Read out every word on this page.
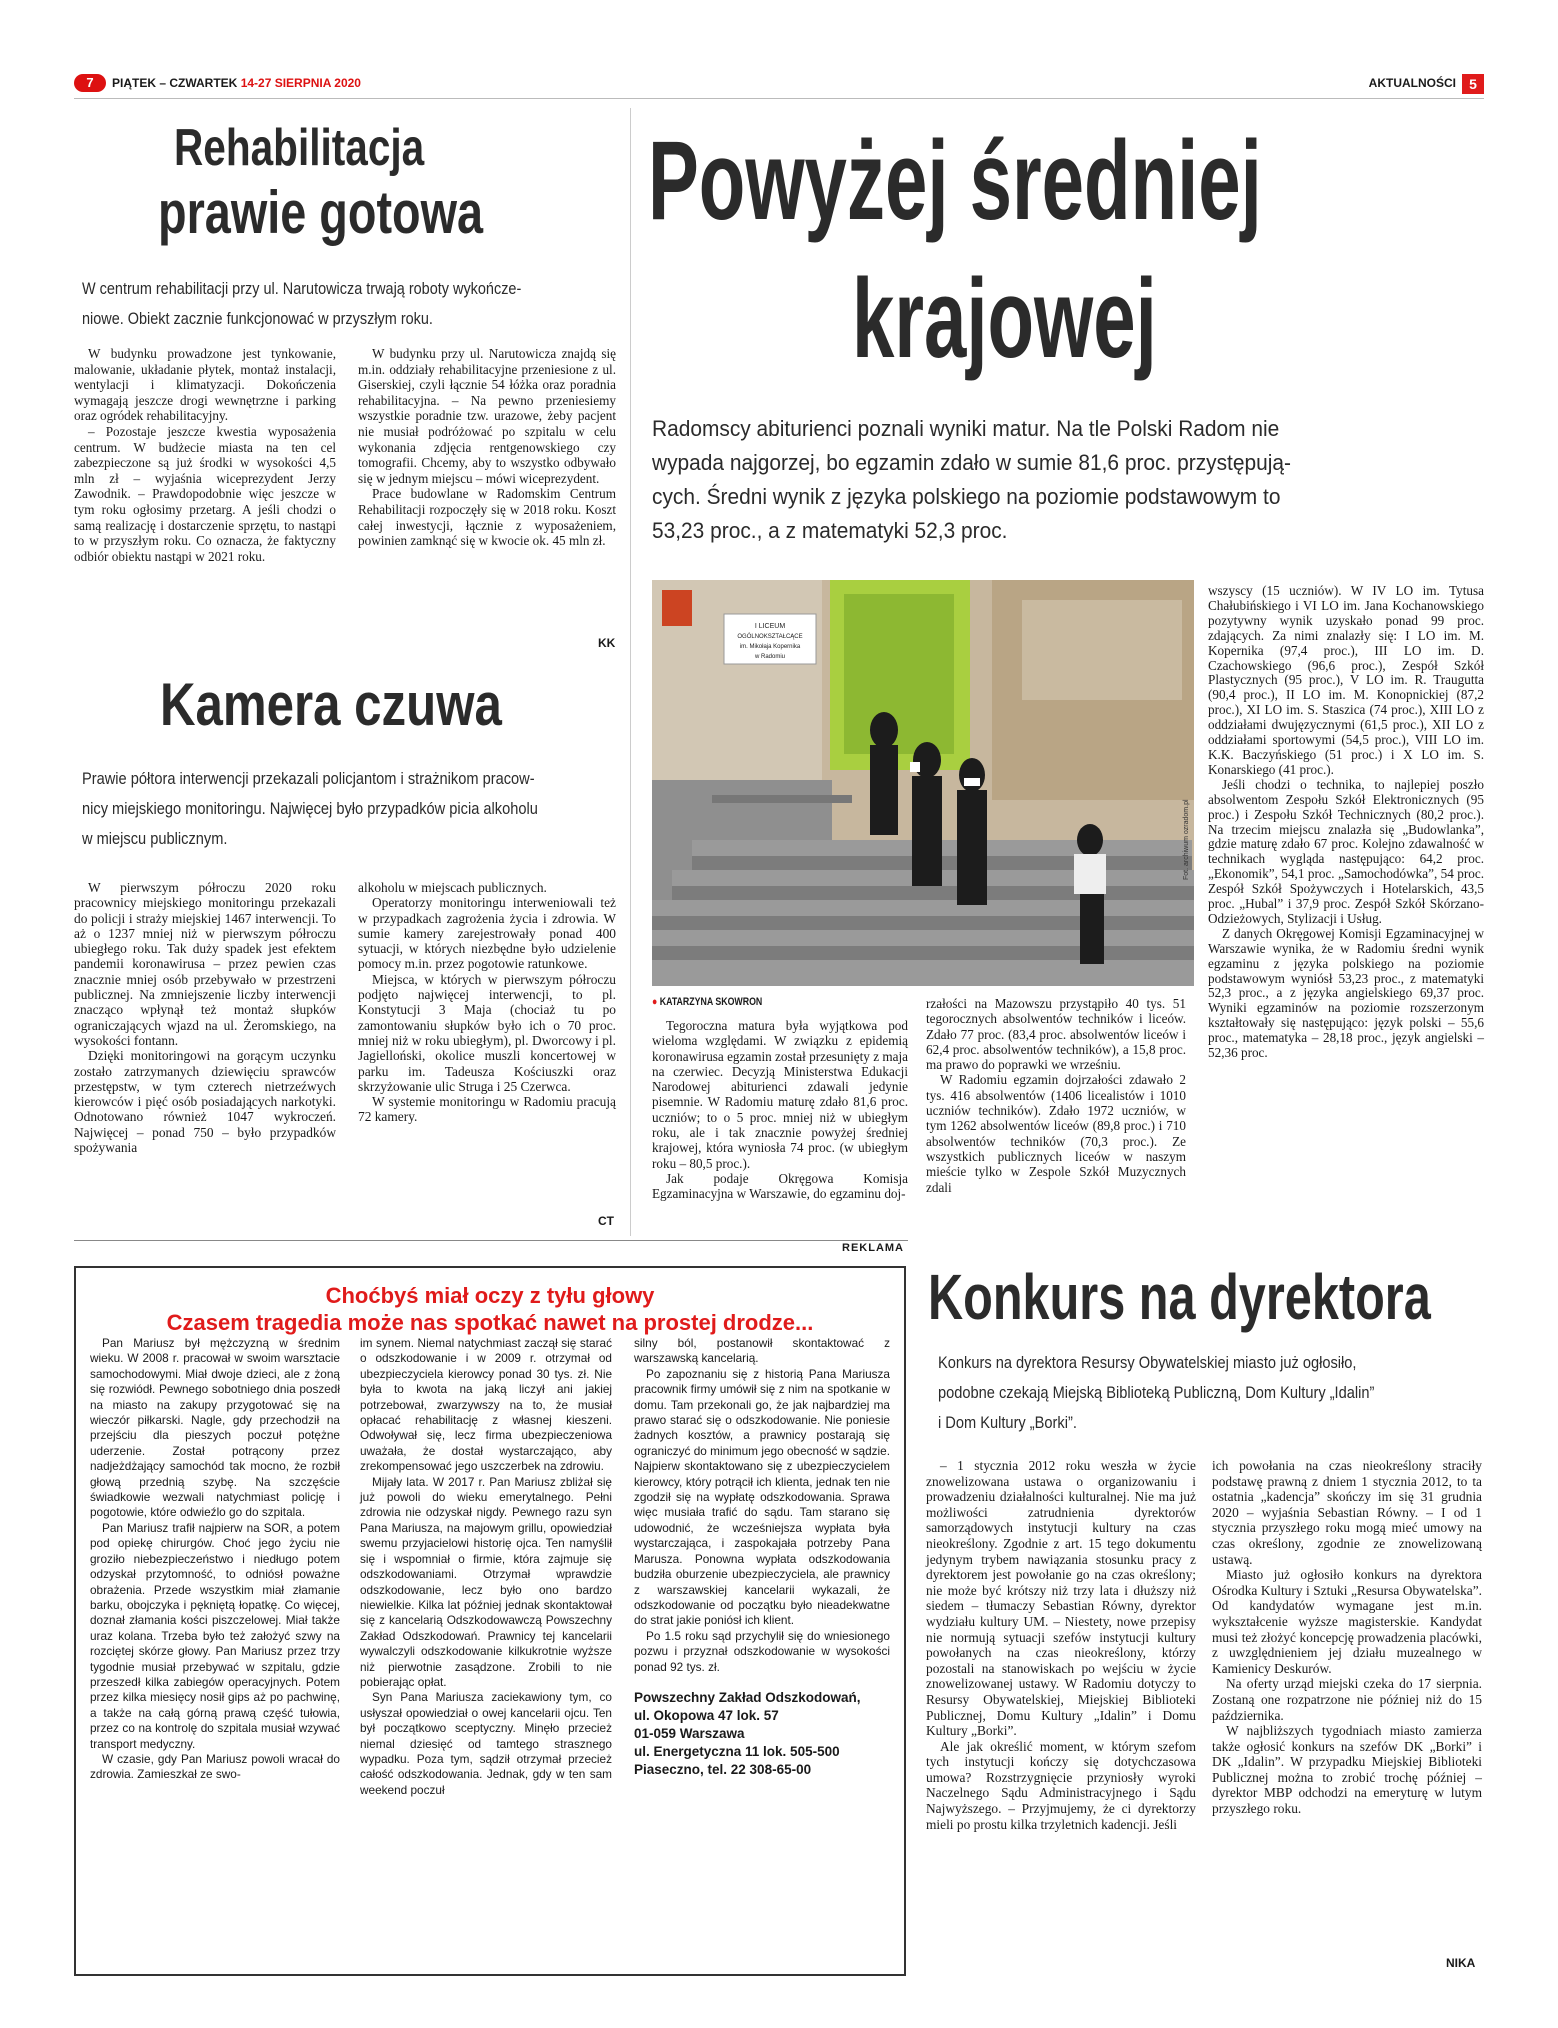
7	PIĄTEK – CZWARTEK 14-27 SIERPNIA 2020	AKTUALNOŚCI 5
Rehabilitacja
prawie gotowa
W centrum rehabilitacji przy ul. Narutowicza trwają roboty wykończe-
niowe. Obiekt zacznie funkcjonować w przyszłym roku.

W budynku prowadzone jest tynkowanie, malowanie, układanie płytek, montaż instalacji, wentylacji i klimatyzacji. Dokończenia wymagają jeszcze drogi wewnętrzne i parking oraz ogródek rehabilitacyjny.

– Pozostaje jeszcze kwestia wyposażenia centrum. W budżecie miasta na ten cel zabezpieczone są już środki w wysokości 4,5 mln zł – wyjaśnia wiceprezydent Jerzy Zawodnik. – Prawdopodobnie więc jeszcze w tym roku ogłosimy przetarg. A jeśli chodzi o samą realizację i dostarczenie sprzętu, to nastąpi to w przyszłym roku. Co oznacza, że faktyczny odbiór obiektu nastąpi w 2021 roku.

W budynku przy ul. Narutowicza znajdą się m.in. oddziały rehabilitacyjne przeniesione z ul. Giserskiej, czyli łącznie 54 łóżka oraz poradnia rehabilitacyjna. – Na pewno przeniesiemy wszystkie poradnie tzw. urazowe, żeby pacjent nie musiał podróżować po szpitalu w celu wykonania zdjęcia rentgenowskiego czy tomografii. Chcemy, aby to wszystko odbywało się w jednym miejscu – mówi wiceprezydent.

Prace budowlane w Radomskim Centrum Rehabilitacji rozpoczęły się w 2018 roku. Koszt całej inwestycji, łącznie z wyposażeniem, powinien zamknąć się w kwocie ok. 45 mln zł.

KK
Kamera czuwa
Prawie półtora interwencji przekazali policjantom i strażnikom pracow-
nicy miejskiego monitoringu. Najwięcej było przypadków picia alkoholu
w miejscu publicznym.

W pierwszym półroczu 2020 roku pracownicy miejskiego monitoringu przekazali do policji i straży miejskiej 1467 interwencji. To aż o 1237 mniej niż w pierwszym półroczu ubiegłego roku. Tak duży spadek jest efektem pandemii koronawirusa – przez pewien czas znacznie mniej osób przebywało w przestrzeni publicznej. Na zmniejszenie liczby interwencji znacząco wpłynął też montaż słupków ograniczających wjazd na ul. Żeromskiego, na wysokości fontann.

Dzięki monitoringowi na gorącym uczynku zostało zatrzymanych dziewięciu sprawców przestępstw, w tym czterech nietrzeźwych kierowców i pięć osób posiadających narkotyki. Odnotowano również 1047 wykroczeń. Najwięcej – ponad 750 – było przypadków spożywania

alkoholu w miejscach publicznych.

Operatorzy monitoringu interweniowali też w przypadkach zagrożenia życia i zdrowia. W sumie kamery zarejestrowały ponad 400 sytuacji, w których niezbędne było udzielenie pomocy m.in. przez pogotowie ratunkowe.

Miejsca, w których w pierwszym półroczu podjęto najwięcej interwencji, to pl. Konstytucji 3 Maja (chociaż tu po zamontowaniu słupków było ich o 70 proc. mniej niż w roku ubiegłym), pl. Dworcowy i pl. Jagielloński, okolice muszli koncertowej w parku im. Tadeusza Kościuszki oraz skrzyżowanie ulic Struga i 25 Czerwca.

W systemie monitoringu w Radomiu pracują 72 kamery.

CT
Powyżej średniej
krajowej
Radomscy abiturienci poznali wyniki matur. Na tle Polski Radom nie
wypada najgorzej, bo egzamin zdało w sumie 81,6 proc. przystępują-
cych. Średni wynik z języka polskiego na poziomie podstawowym to
53,23 proc., a z matematyki 52,3 proc.
I LICEUM
OGÓLNOKSZTAŁCĄCE
im. Mikołaja Kopernika
w Radomiu
Fot. archiwum ozradom.pl
● KATARZYNA SKOWRON

Tegoroczna matura była wyjątkowa pod wieloma względami. W związku z epidemią koronawirusa egzamin został przesunięty z maja na czerwiec. Decyzją Ministerstwa Edukacji Narodowej abiturienci zdawali jedynie pisemnie. W Radomiu maturę zdało 81,6 proc. uczniów; to o 5 proc. mniej niż w ubiegłym roku, ale i tak znacznie powyżej średniej krajowej, która wyniosła 74 proc. (w ubiegłym roku – 80,5 proc.).

Jak podaje Okręgowa Komisja Egzaminacyjna w Warszawie, do egzaminu doj-

rzałości na Mazowszu przystąpiło 40 tys. 51 tegorocznych absolwentów techników i liceów. Zdało 77 proc. (83,4 proc. absolwentów liceów i 62,4 proc. absolwentów techników), a 15,8 proc. ma prawo do poprawki we wrześniu.

W Radomiu egzamin dojrzałości zdawało 2 tys. 416 absolwentów (1406 licealistów i 1010 uczniów techników). Zdało 1972 uczniów, w tym 1262 absolwentów liceów (89,8 proc.) i 710 absolwentów techników (70,3 proc.). Ze wszystkich publicznych liceów w naszym mieście tylko w Zespole Szkół Muzycznych zdali

wszyscy (15 uczniów). W IV LO im. Tytusa Chałubińskiego i VI LO im. Jana Kochanowskiego pozytywny wynik uzyskało ponad 99 proc. zdających. Za nimi znalazły się: I LO im. M. Kopernika (97,4 proc.), III LO im. D. Czachowskiego (96,6 proc.), Zespół Szkół Plastycznych (95 proc.), V LO im. R. Traugutta (90,4 proc.), II LO im. M. Konopnickiej (87,2 proc.), XI LO im. S. Staszica (74 proc.), XIII LO z oddziałami dwujęzycznymi (61,5 proc.), XII LO z oddziałami sportowymi (54,5 proc.), VIII LO im. K.K. Baczyńskiego (51 proc.) i X LO im. S. Konarskiego (41 proc.).

Jeśli chodzi o technika, to najlepiej poszło absolwentom Zespołu Szkół Elektronicznych (95 proc.) i Zespołu Szkół Technicznych (80,2 proc.). Na trzecim miejscu znalazła się „Budowlanka”, gdzie maturę zdało 67 proc. Kolejno zdawalność w technikach wygląda następująco: 64,2 proc. „Ekonomik”, 54,1 proc. „Samochodówka”, 54 proc. Zespół Szkół Spożywczych i Hotelarskich, 43,5 proc. „Hubal” i 37,9 proc. Zespół Szkół Skórzano-Odzieżowych, Stylizacji i Usług.

Z danych Okręgowej Komisji Egzaminacyjnej w Warszawie wynika, że w Radomiu średni wynik egzaminu z języka polskiego na poziomie podstawowym wyniósł 53,23 proc., z matematyki 52,3 proc., a z języka angielskiego 69,37 proc. Wyniki egzaminów na poziomie rozszerzonym kształtowały się następująco: język polski – 55,6 proc., matematyka – 28,18 proc., język angielski – 52,36 proc.

REKLAMA
Choćbyś miał oczy z tyłu głowy
Czasem tragedia może nas spotkać nawet na prostej drodze...

Pan Mariusz był mężczyzną w średnim wieku. W 2008 r. pracował w swoim warsztacie samochodowymi. Miał dwoje dzieci, ale z żoną się rozwiódł. Pewnego sobotniego dnia poszedł na miasto na zakupy przygotować się na wieczór piłkarski. Nagle, gdy przechodził na przejściu dla pieszych poczuł potężne uderzenie. Został potrącony przez nadjeżdżający samochód tak mocno, że rozbił głową przednią szybę. Na szczęście świadkowie wezwali natychmiast policję i pogotowie, które odwieźlo go do szpitala.

Pan Mariusz trafił najpierw na SOR, a potem pod opiekę chirurgów. Choć jego życiu nie groziło niebezpieczeństwo i niedługo potem odzyskał przytomność, to odniósł poważne obrażenia. Przede wszystkim miał złamanie barku, obojczyka i pękniętą łopatkę. Co więcej, doznał złamania kości piszczelowej. Miał także uraz kolana. Trzeba było też założyć szwy na rozciętej skórze głowy. Pan Mariusz przez trzy tygodnie musiał przebywać w szpitalu, gdzie przeszedł kilka zabiegów operacyjnych. Potem przez kilka miesięcy nosił gips aż po pachwinę, a także na całą górną prawą część tułowia, przez co na kontrolę do szpitala musiał wzywać transport medyczny.

W czasie, gdy Pan Mariusz powoli wracał do zdrowia. Zamieszkał ze swo-

im synem. Niemal natychmiast zaczął się starać o odszkodowanie i w 2009 r. otrzymał od ubezpieczyciela kierowcy ponad 30 tys. zł. Nie była to kwota na jaką liczył ani jakiej potrzebował, zwarzywszy na to, że musiał opłacać rehabilitację z własnej kieszeni. Odwoływał się, lecz firma ubezpieczeniowa uważała, że dostał wystarczająco, aby zrekompensować jego uszczerbek na zdrowiu.

Mijały lata. W 2017 r. Pan Mariusz zbliżał się już powoli do wieku emerytalnego. Pełni zdrowia nie odzyskał nigdy. Pewnego razu syn Pana Mariusza, na majowym grillu, opowiedział swemu przyjacielowi historię ojca. Ten namyślił się i wspomniał o firmie, która zajmuje się odszkodowaniami. Otrzymał wprawdzie odszkodowanie, lecz było ono bardzo niewielkie. Kilka lat później jednak skontaktował się z kancelarią Odszkodowawczą Powszechny Zakład Odszkodowań. Prawnicy tej kancelarii wywalczyli odszkodowanie kilkukrotnie wyższe niż pierwotnie zasądzone. Zrobili to nie pobierając opłat.

Syn Pana Mariusza zaciekawiony tym, co usłyszał opowiedział o owej kancelarii ojcu. Ten był początkowo sceptyczny. Minęło przecież niemal dziesięć od tamtego strasznego wypadku. Poza tym, sądził otrzymał przecież całość odszkodowania. Jednak, gdy w ten sam weekend poczuł

silny ból, postanowił skontaktować z warszawską kancelarią.

Po zapoznaniu się z historią Pana Mariusza pracownik firmy umówił się z nim na spotkanie w domu. Tam przekonali go, że jak najbardziej ma prawo starać się o odszkodowanie. Nie poniesie żadnych kosztów, a prawnicy postarają się ograniczyć do minimum jego obecność w sądzie. Najpierw skontaktowano się z ubezpieczycielem kierowcy, który potrącił ich klienta, jednak ten nie zgodził się na wypłatę odszkodowania. Sprawa więc musiała trafić do sądu. Tam starano się udowodnić, że wcześniejsza wypłata była wystarczająca, i zaspokajała potrzeby Pana Maruszа. Ponowna wypłata odszkodowania budziła oburzenie ubezpieczyciela, ale prawnicy z warszawskiej kancelarii wykazali, że odszkodowanie od początku było nieadekwatne do strat jakie poniósł ich klient.

Po 1.5 roku sąd przychylił się do wniesionego pozwu i przyznał odszkodowanie w wysokości ponad 92 tys. zł.

Powszechny Zakład Odszkodowań,
ul. Okopowa 47 lok. 57
01-059 Warszawa
ul. Energetyczna 11 lok. 505-500
Piaseczno, tel. 22 308-65-00
Konkurs na dyrektora
Konkurs na dyrektora Resursy Obywatelskiej miasto już ogłosiło,
podobne czekają Miejską Biblioteką Publiczną, Dom Kultury „Idalin”
i Dom Kultury „Borki”.

– 1 stycznia 2012 roku weszła w życie znowelizowana ustawa o organizowaniu i prowadzeniu działalności kulturalnej. Nie ma już możliwości zatrudnienia dyrektorów samorządowych instytucji kultury na czas nieokreślony. Zgodnie z art. 15 tego dokumentu jedynym trybem nawiązania stosunku pracy z dyrektorem jest powołanie go na czas określony; nie może być krótszy niż trzy lata i dłuższy niż siedem – tłumaczy Sebastian Równy, dyrektor wydziału kultury UM. – Niestety, nowe przepisy nie normują sytuacji szefów instytucji kultury powołanych na czas nieokreślony, którzy pozostali na stanowiskach po wejściu w życie znowelizowanej ustawy. W Radomiu dotyczy to Resursy Obywatelskiej, Miejskiej Biblioteki Publicznej, Domu Kultury „Idalin” i Domu Kultury „Borki”.

Ale jak określić moment, w którym szefom tych instytucji kończy się dotychczasowa umowa? Rozstrzygnięcie przyniosły wyroki Naczelnego Sądu Administracyjnego i Sądu Najwyższego. – Przyjmujemy, że ci dyrektorzy mieli po prostu kilka trzyletnich kadencji. Jeśli

ich powołania na czas nieokreślony straciły podstawę prawną z dniem 1 stycznia 2012, to ta ostatnia „kadencja” skończy im się 31 grudnia 2020 – wyjaśnia Sebastian Równy. – I od 1 stycznia przyszłego roku mogą mieć umowy na czas określony, zgodnie ze znowelizowaną ustawą.

Miasto już ogłosiło konkurs na dyrektora Ośrodka Kultury i Sztuki „Resursa Obywatelska”. Od kandydatów wymagane jest m.in. wykształcenie wyższe magisterskie. Kandydat musi też złożyć koncepcję prowadzenia placówki, z uwzględnieniem jej działu muzealnego w Kamienicy Deskurów.

Na oferty urząd miejski czeka do 17 sierpnia. Zostaną one rozpatrzone nie później niż do 15 października.

W najbliższych tygodniach miasto zamierza także ogłosić konkurs na szefów DK „Borki” i DK „Idalin”. W przypadku Miejskiej Biblioteki Publicznej można to zrobić trochę później – dyrektor MBP odchodzi na emeryturę w lutym przyszłego roku.

NIKA
